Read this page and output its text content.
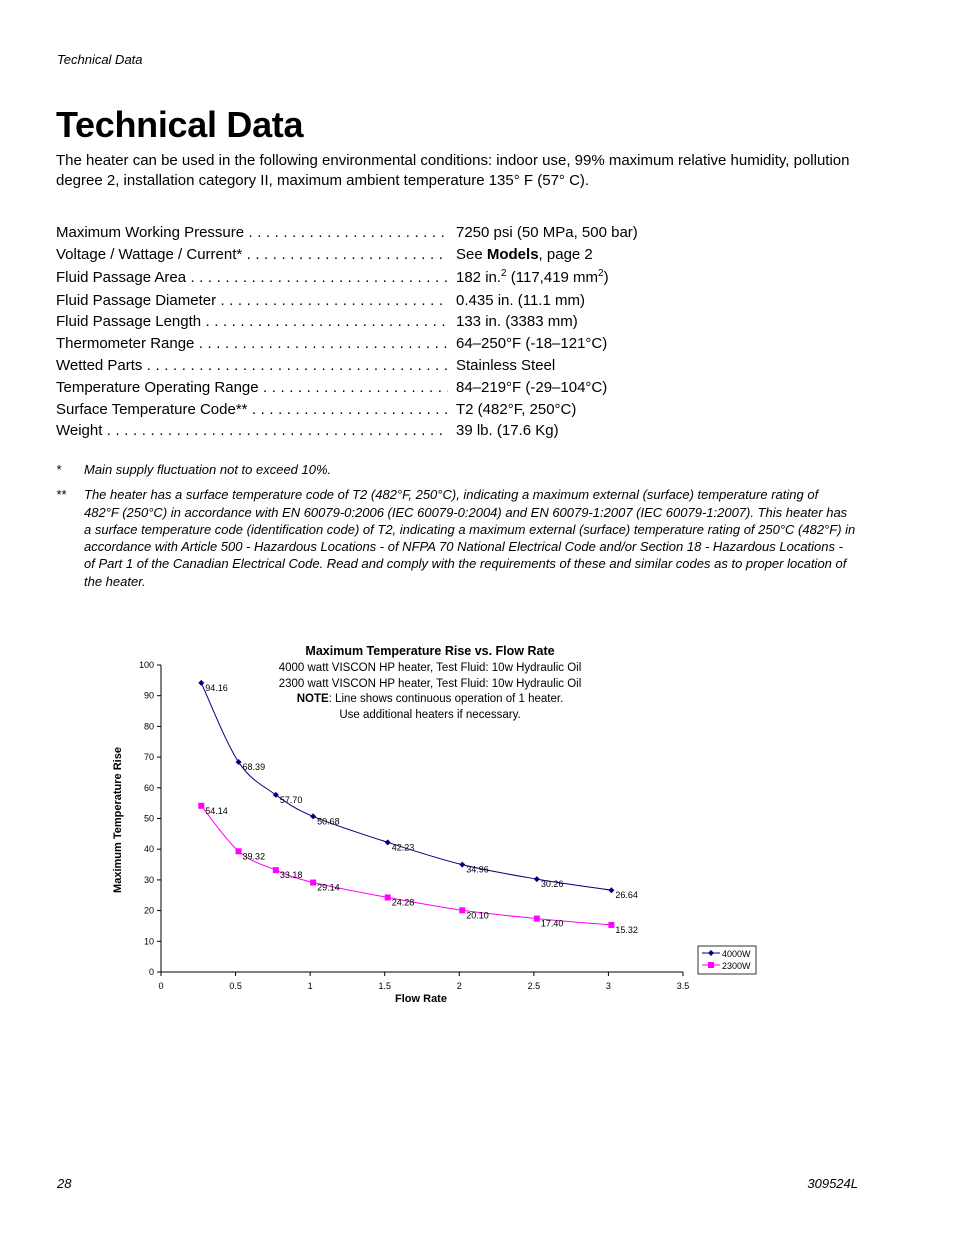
Technical Data
Technical Data

The heater can be used in the following environmental conditions: indoor use, 99% maximum relative humidity, pollution degree 2, installation category II, maximum ambient temperature 135° F (57° C).

Maximum Working Pressure . . .	7250 psi (50 MPa, 500 bar)
Voltage / Wattage / Current* . . .	See Models, page 2
Fluid Passage Area . . .	182 in.$^2$ (117,419 $mm^2$)
Fluid Passage Diameter . . .	0.435 in. (11.1 mm)
Fluid Passage Length . . .	133 in. (3383 mm)
Thermometer Range . . .	64–250°F (-18–121°C)
Wetted Parts . . .	Stainless Steel
Temperature Operating Range . . .	84–219°F (-29–104°C)
Surface Temperature Code** . . .	T2 (482°F, 250°C)
Weight . . .	39 lb. (17.6 Kg)
*	Main supply fluctuation not to exceed 10%.
**	The heater has a surface temperature code of T2 (482°F, 250°C), indicating a maximum external (surface) temperature rating of 482°F (250°C) in accordance with EN 60079-0:2006 (IEC 60079-0:2004) and EN 60079-1:2007 (IEC 60079-1:2007). This heater has a surface temperature code (identification code) of T2, indicating a maximum external (surface) temperature rating of 250°C (482°F) in accordance with Article 500 - Hazardous Locations - of NFPA 70 National Electrical Code and/or Section 18 - Hazardous Locations - of Part 1 of the Canadian Electrical Code. Read and comply with the requirements of these and similar codes as to proper location of the heater.
Maximum Temperature Rise vs. Flow Rate
4000 watt VISCON HP heater, Test Fluid: 10w Hydraulic Oil
2300 watt VISCON HP heater, Test Fluid: 10w Hydraulic Oil
NOTE: Line shows continuous operation of 1 heater.
Use additional heaters if necessary.
Flow Rate
Maximum Temperature Rise
0
10
20
30
40
50
60
70
80
90
100
0	0.5	1	1.5	2	2.5	3	3.5
94.16
68.39
57.70
50.68
42.23
34.96
30.26
26.64
54.14
39.32
33.18
29.14
24.28
20.10
17.40
15.32
4000W
2300W
28	309524L
